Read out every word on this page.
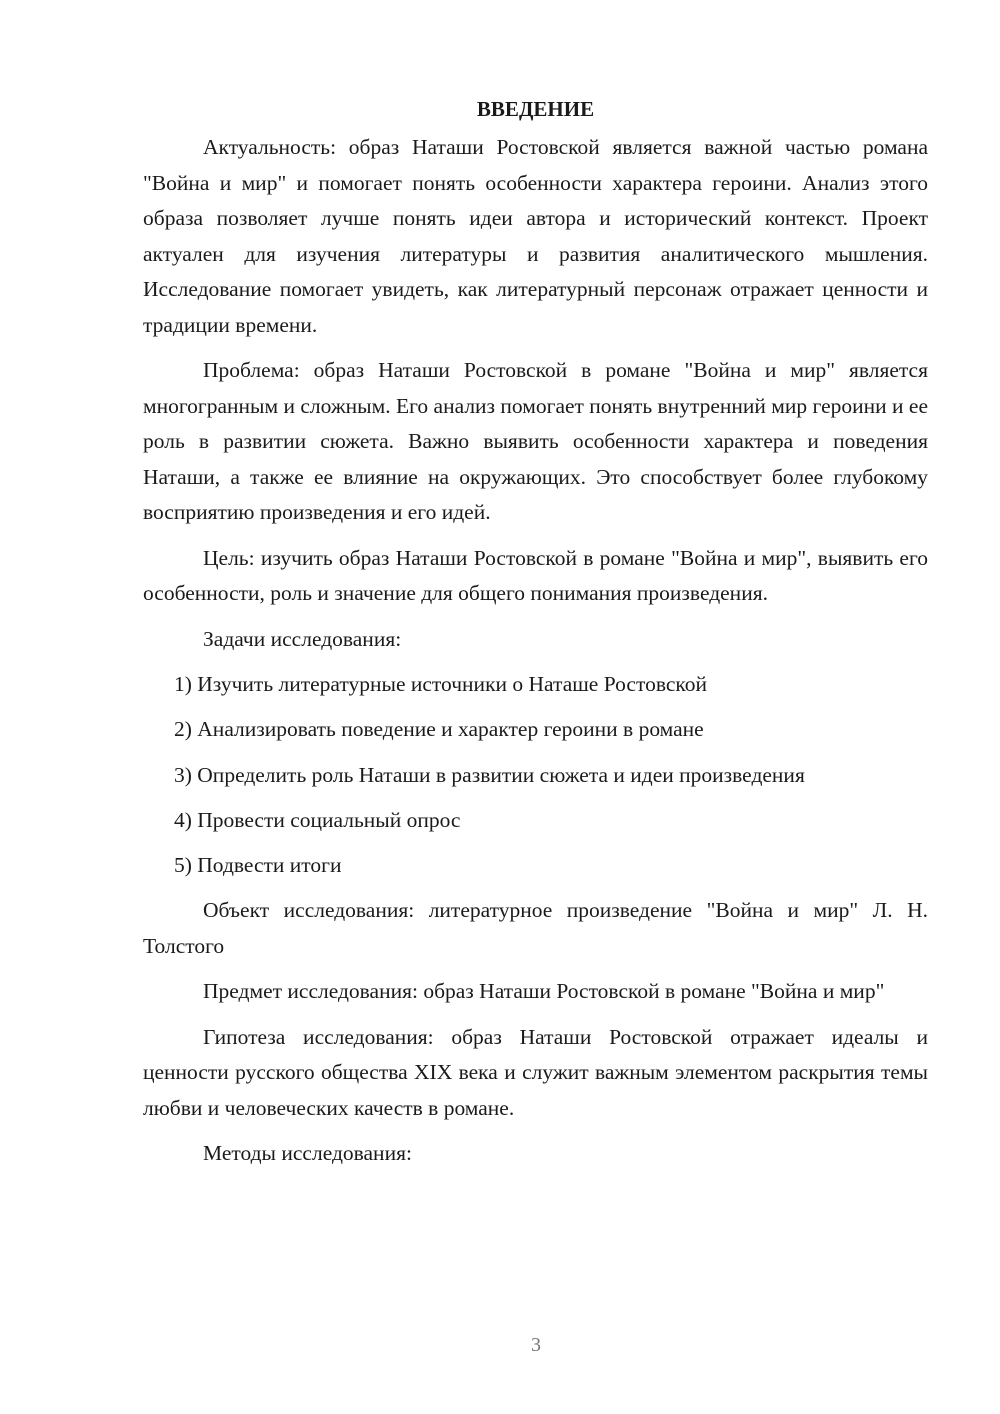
ВВЕДЕНИЕ

Актуальность: образ Наташи Ростовской является важной частью романа "Война и мир" и помогает понять особенности характера героини. Анализ этого образа позволяет лучше понять идеи автора и исторический контекст. Проект актуален для изучения литературы и развития аналитического мышления. Исследование помогает увидеть, как литературный персонаж отражает ценности и традиции времени.

Проблема: образ Наташи Ростовской в романе "Война и мир" является многогранным и сложным. Его анализ помогает понять внутренний мир героини и ее роль в развитии сюжета. Важно выявить особенности характера и поведения Наташи, а также ее влияние на окружающих. Это способствует более глубокому восприятию произведения и его идей.

Цель: изучить образ Наташи Ростовской в романе "Война и мир", выявить его особенности, роль и значение для общего понимания произведения.

Задачи исследования:

1) Изучить литературные источники о Наташе Ростовской
2) Анализировать поведение и характер героини в романе
3) Определить роль Наташи в развитии сюжета и идеи произведения
4) Провести социальный опрос
5) Подвести итоги

Объект исследования: литературное произведение "Война и мир" Л. Н. Толстого

Предмет исследования: образ Наташи Ростовской в романе "Война и мир"

Гипотеза исследования: образ Наташи Ростовской отражает идеалы и ценности русского общества XIX века и служит важным элементом раскрытия темы любви и человеческих качеств в романе.

Методы исследования:

3
